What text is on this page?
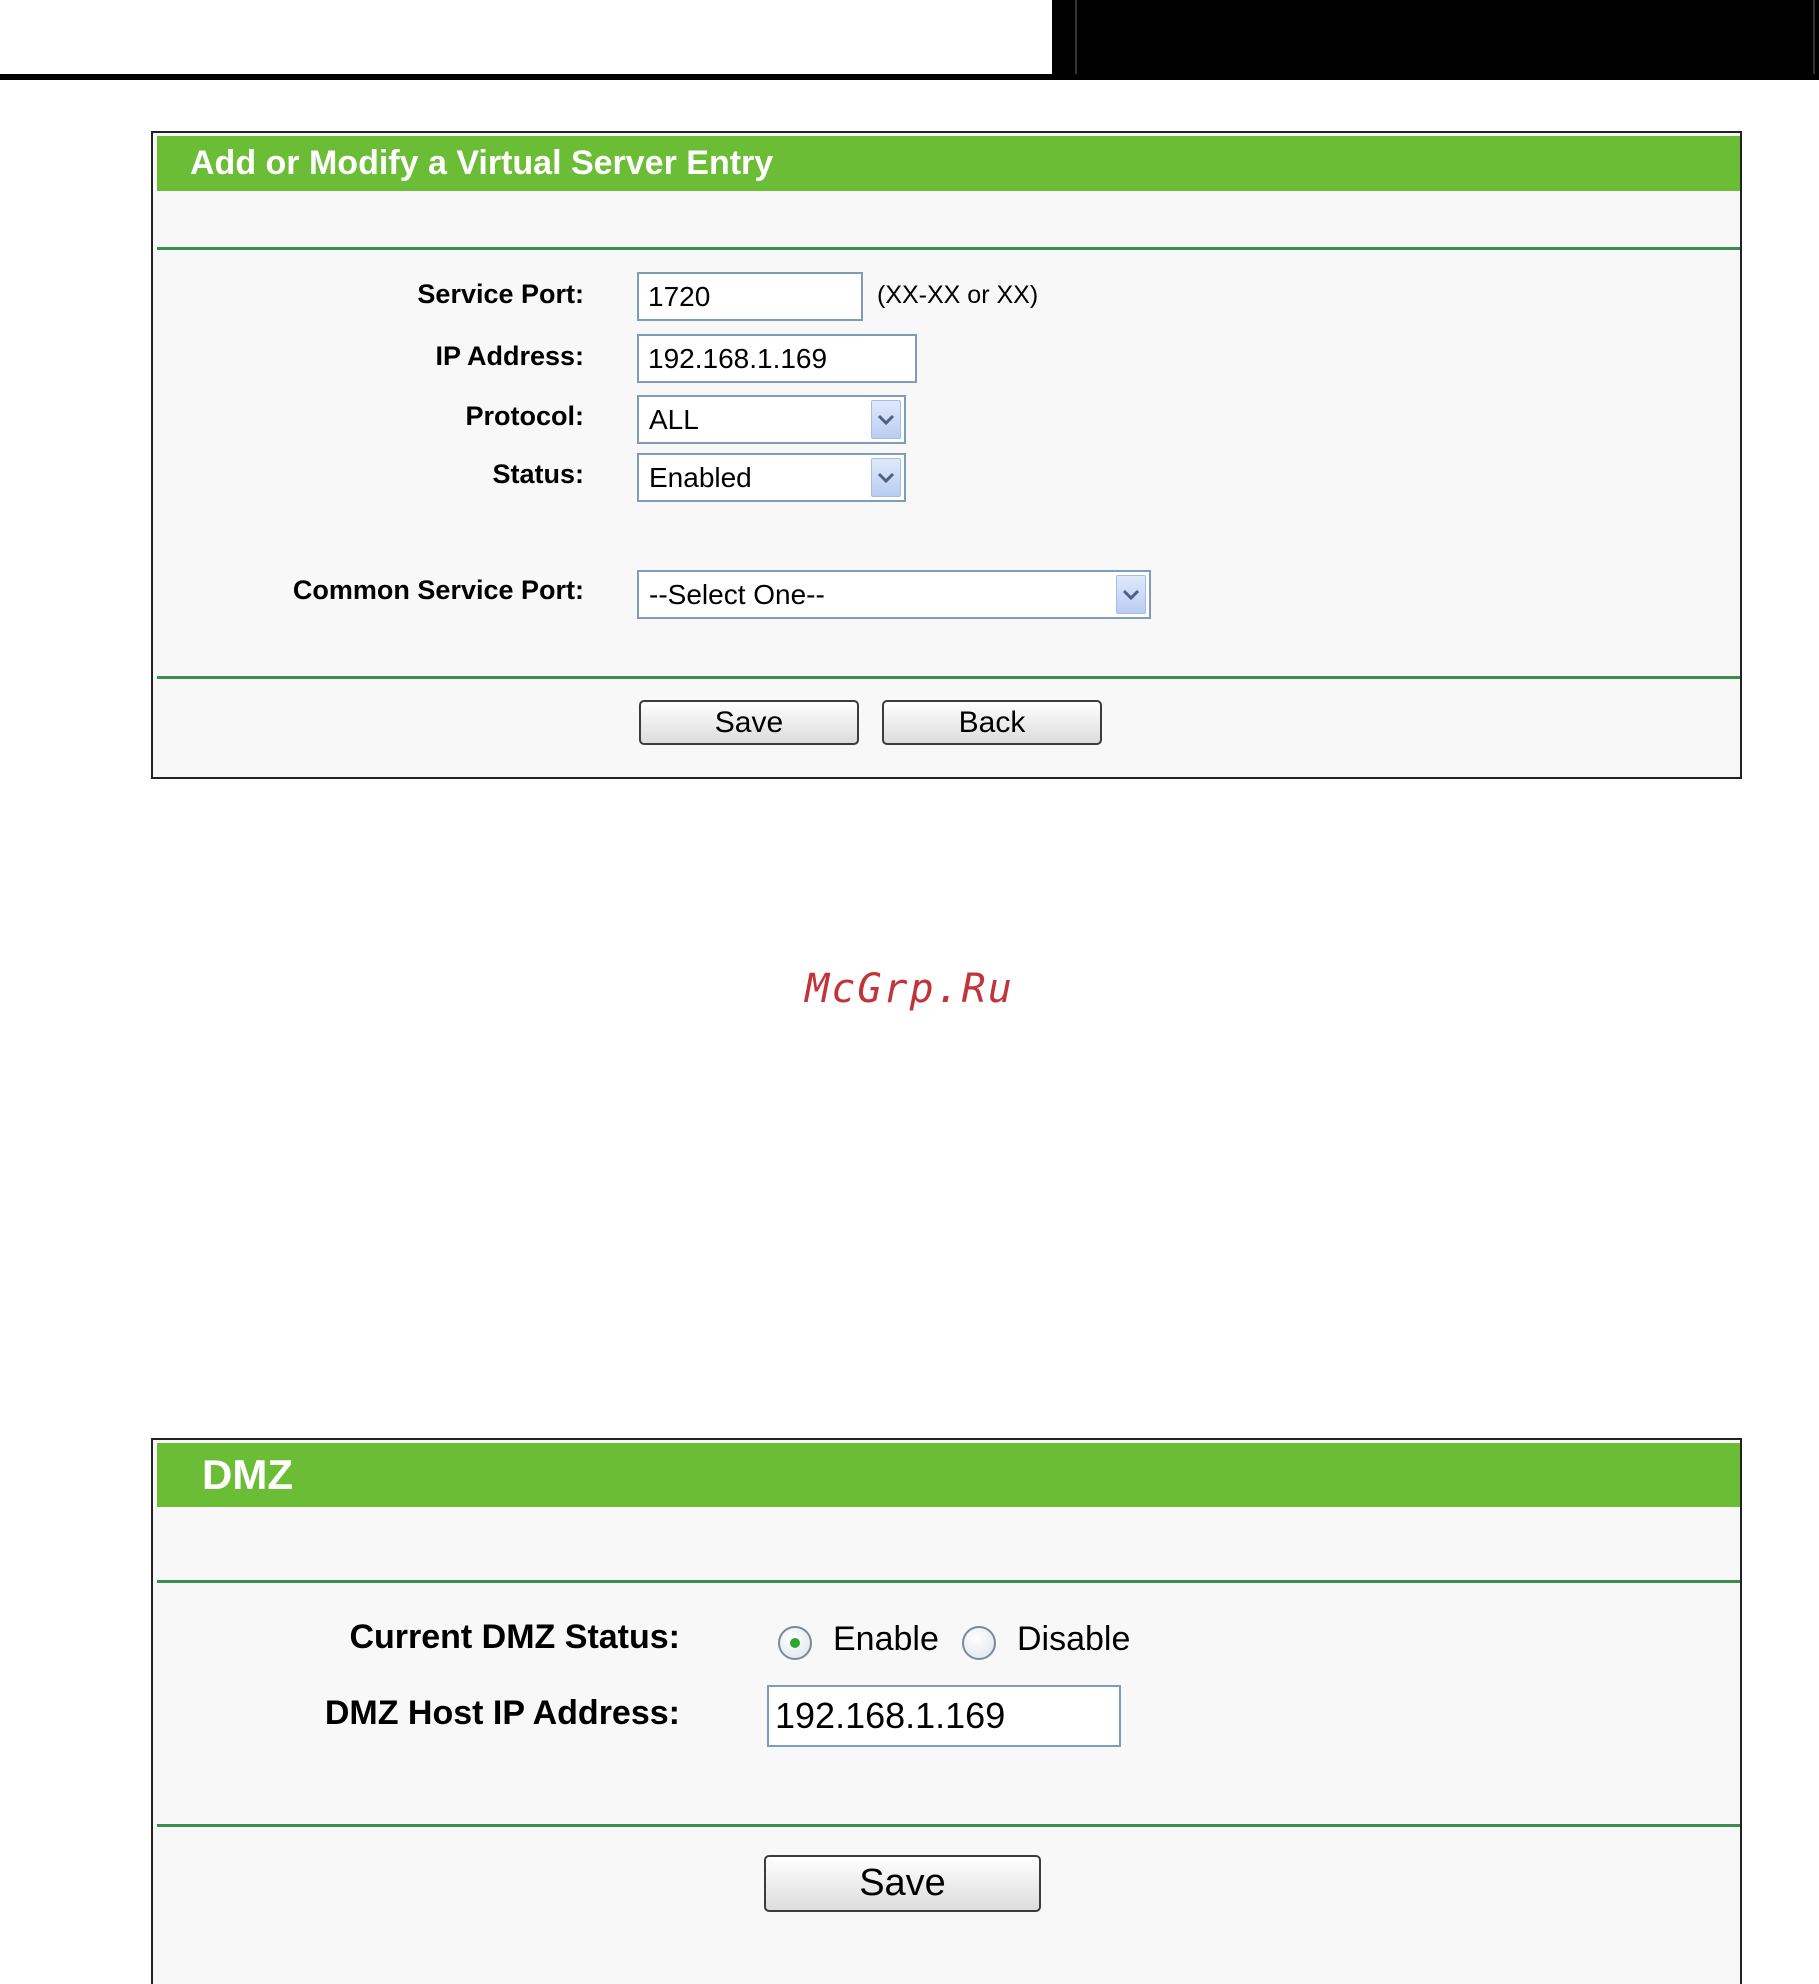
Add or Modify a Virtual Server Entry
Service Port:	1720	(XX-XX or XX)
IP Address:	192.168.1.169
Protocol: ALL
Status: Enabled
Common Service Port: --Select One--
Save	Back
McGrp.Ru
DMZ
Current DMZ Status:	Enable Disable
DMZ Host IP Address:	192.168.1.169
Save
